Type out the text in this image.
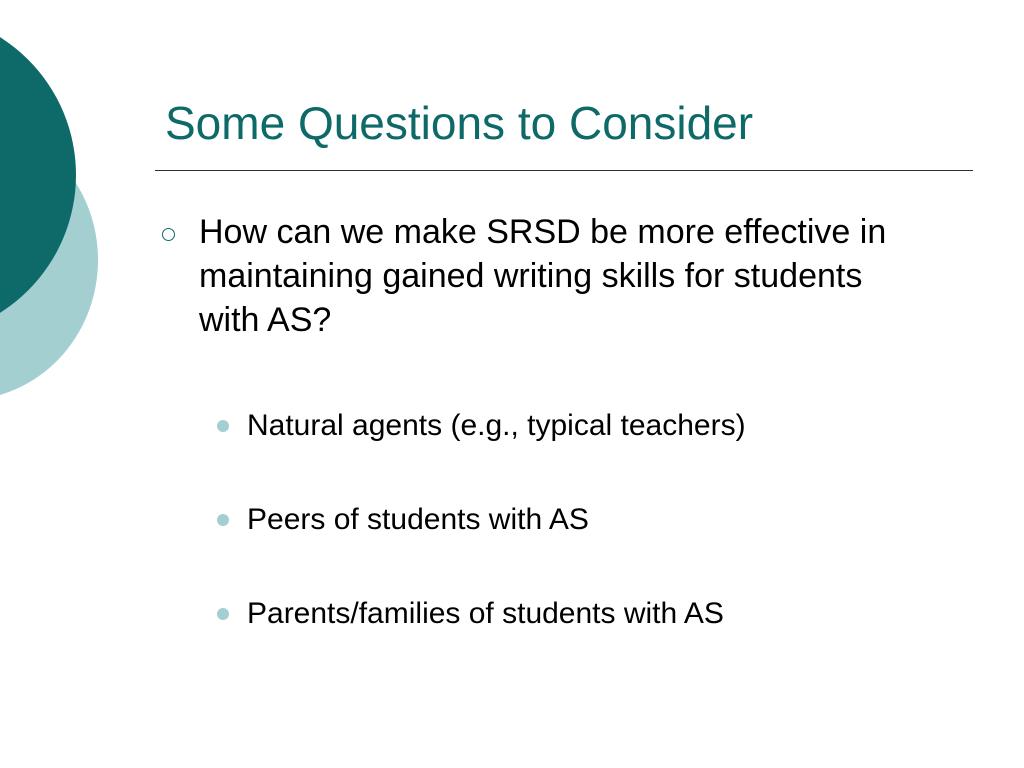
Some Questions to Consider
How can we make SRSD be more effective in maintaining gained writing skills for students with AS?
Natural agents (e.g., typical teachers)
Peers of students with AS
Parents/families of students with AS
